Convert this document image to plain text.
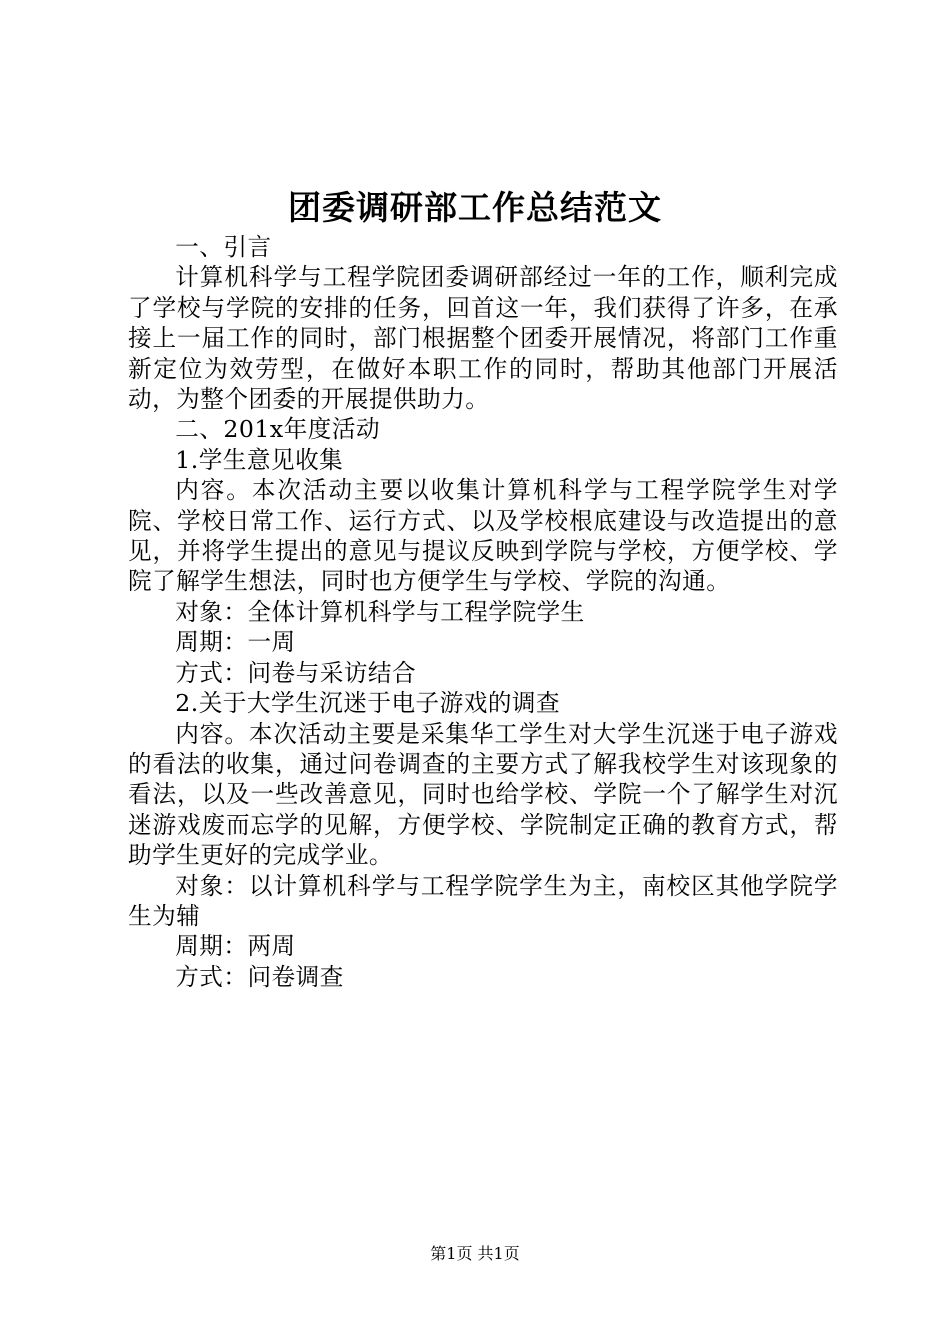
团委调研部工作总结范文

一、引言

计算机科学与工程学院团委调研部经过一年的工作，顺利完成了学校与学院的安排的任务，回首这一年，我们获得了许多，在承接上一届工作的同时，部门根据整个团委开展情况，将部门工作重新定位为效劳型，在做好本职工作的同时，帮助其他部门开展活动，为整个团委的开展提供助力。

二、201x年度活动

1.学生意见收集

内容。本次活动主要以收集计算机科学与工程学院学生对学院、学校日常工作、运行方式、以及学校根底建设与改造提出的意见，并将学生提出的意见与提议反映到学院与学校，方便学校、学院了解学生想法，同时也方便学生与学校、学院的沟通。

对象：全体计算机科学与工程学院学生

周期：一周

方式：问卷与采访结合

2.关于大学生沉迷于电子游戏的调查

内容。本次活动主要是采集华工学生对大学生沉迷于电子游戏的看法的收集，通过问卷调查的主要方式了解我校学生对该现象的看法，以及一些改善意见，同时也给学校、学院一个了解学生对沉迷游戏废而忘学的见解，方便学校、学院制定正确的教育方式，帮助学生更好的完成学业。

对象：以计算机科学与工程学院学生为主，南校区其他学院学生为辅

周期：两周

方式：问卷调查

第1页 共1页
